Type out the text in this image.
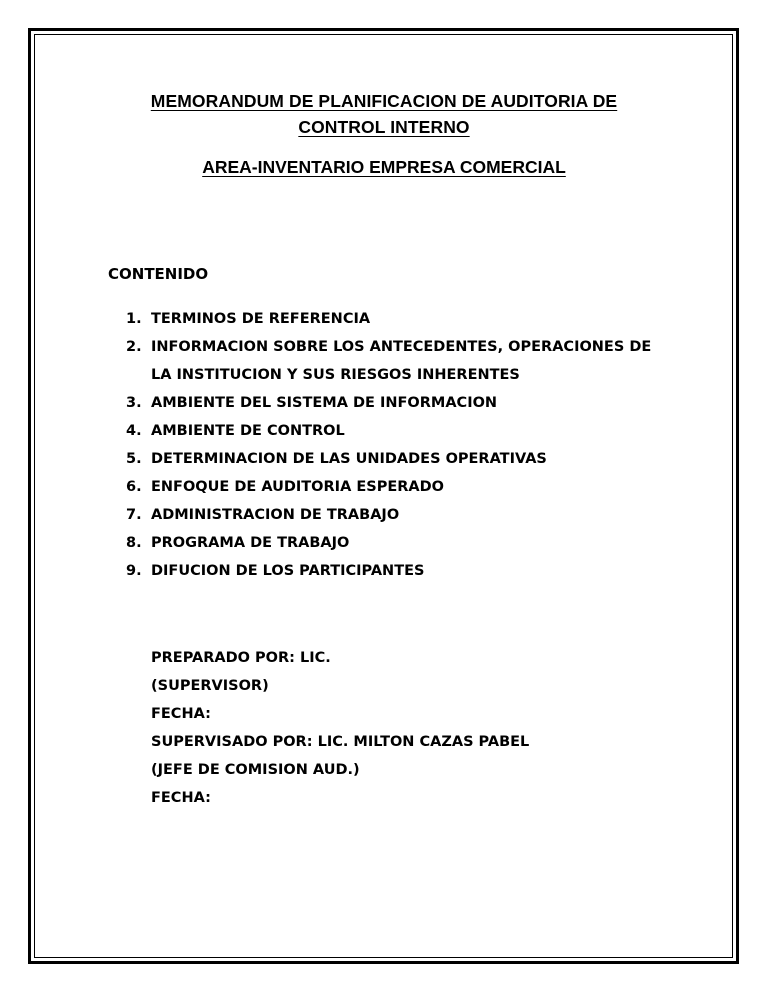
MEMORANDUM DE PLANIFICACION DE AUDITORIA DE
CONTROL INTERNO
AREA-INVENTARIO EMPRESA COMERCIAL
CONTENIDO
1. TERMINOS DE REFERENCIA
2. INFORMACION SOBRE LOS ANTECEDENTES, OPERACIONES DE LA INSTITUCION Y SUS RIESGOS INHERENTES
3. AMBIENTE DEL SISTEMA DE INFORMACION
4. AMBIENTE DE CONTROL
5. DETERMINACION DE LAS UNIDADES OPERATIVAS
6. ENFOQUE DE AUDITORIA ESPERADO
7. ADMINISTRACION DE TRABAJO
8. PROGRAMA DE TRABAJO
9. DIFUCION DE LOS PARTICIPANTES
PREPARADO POR: LIC.
(SUPERVISOR)
FECHA:
SUPERVISADO POR: LIC. MILTON CAZAS PABEL
(JEFE DE COMISION AUD.)
FECHA:
